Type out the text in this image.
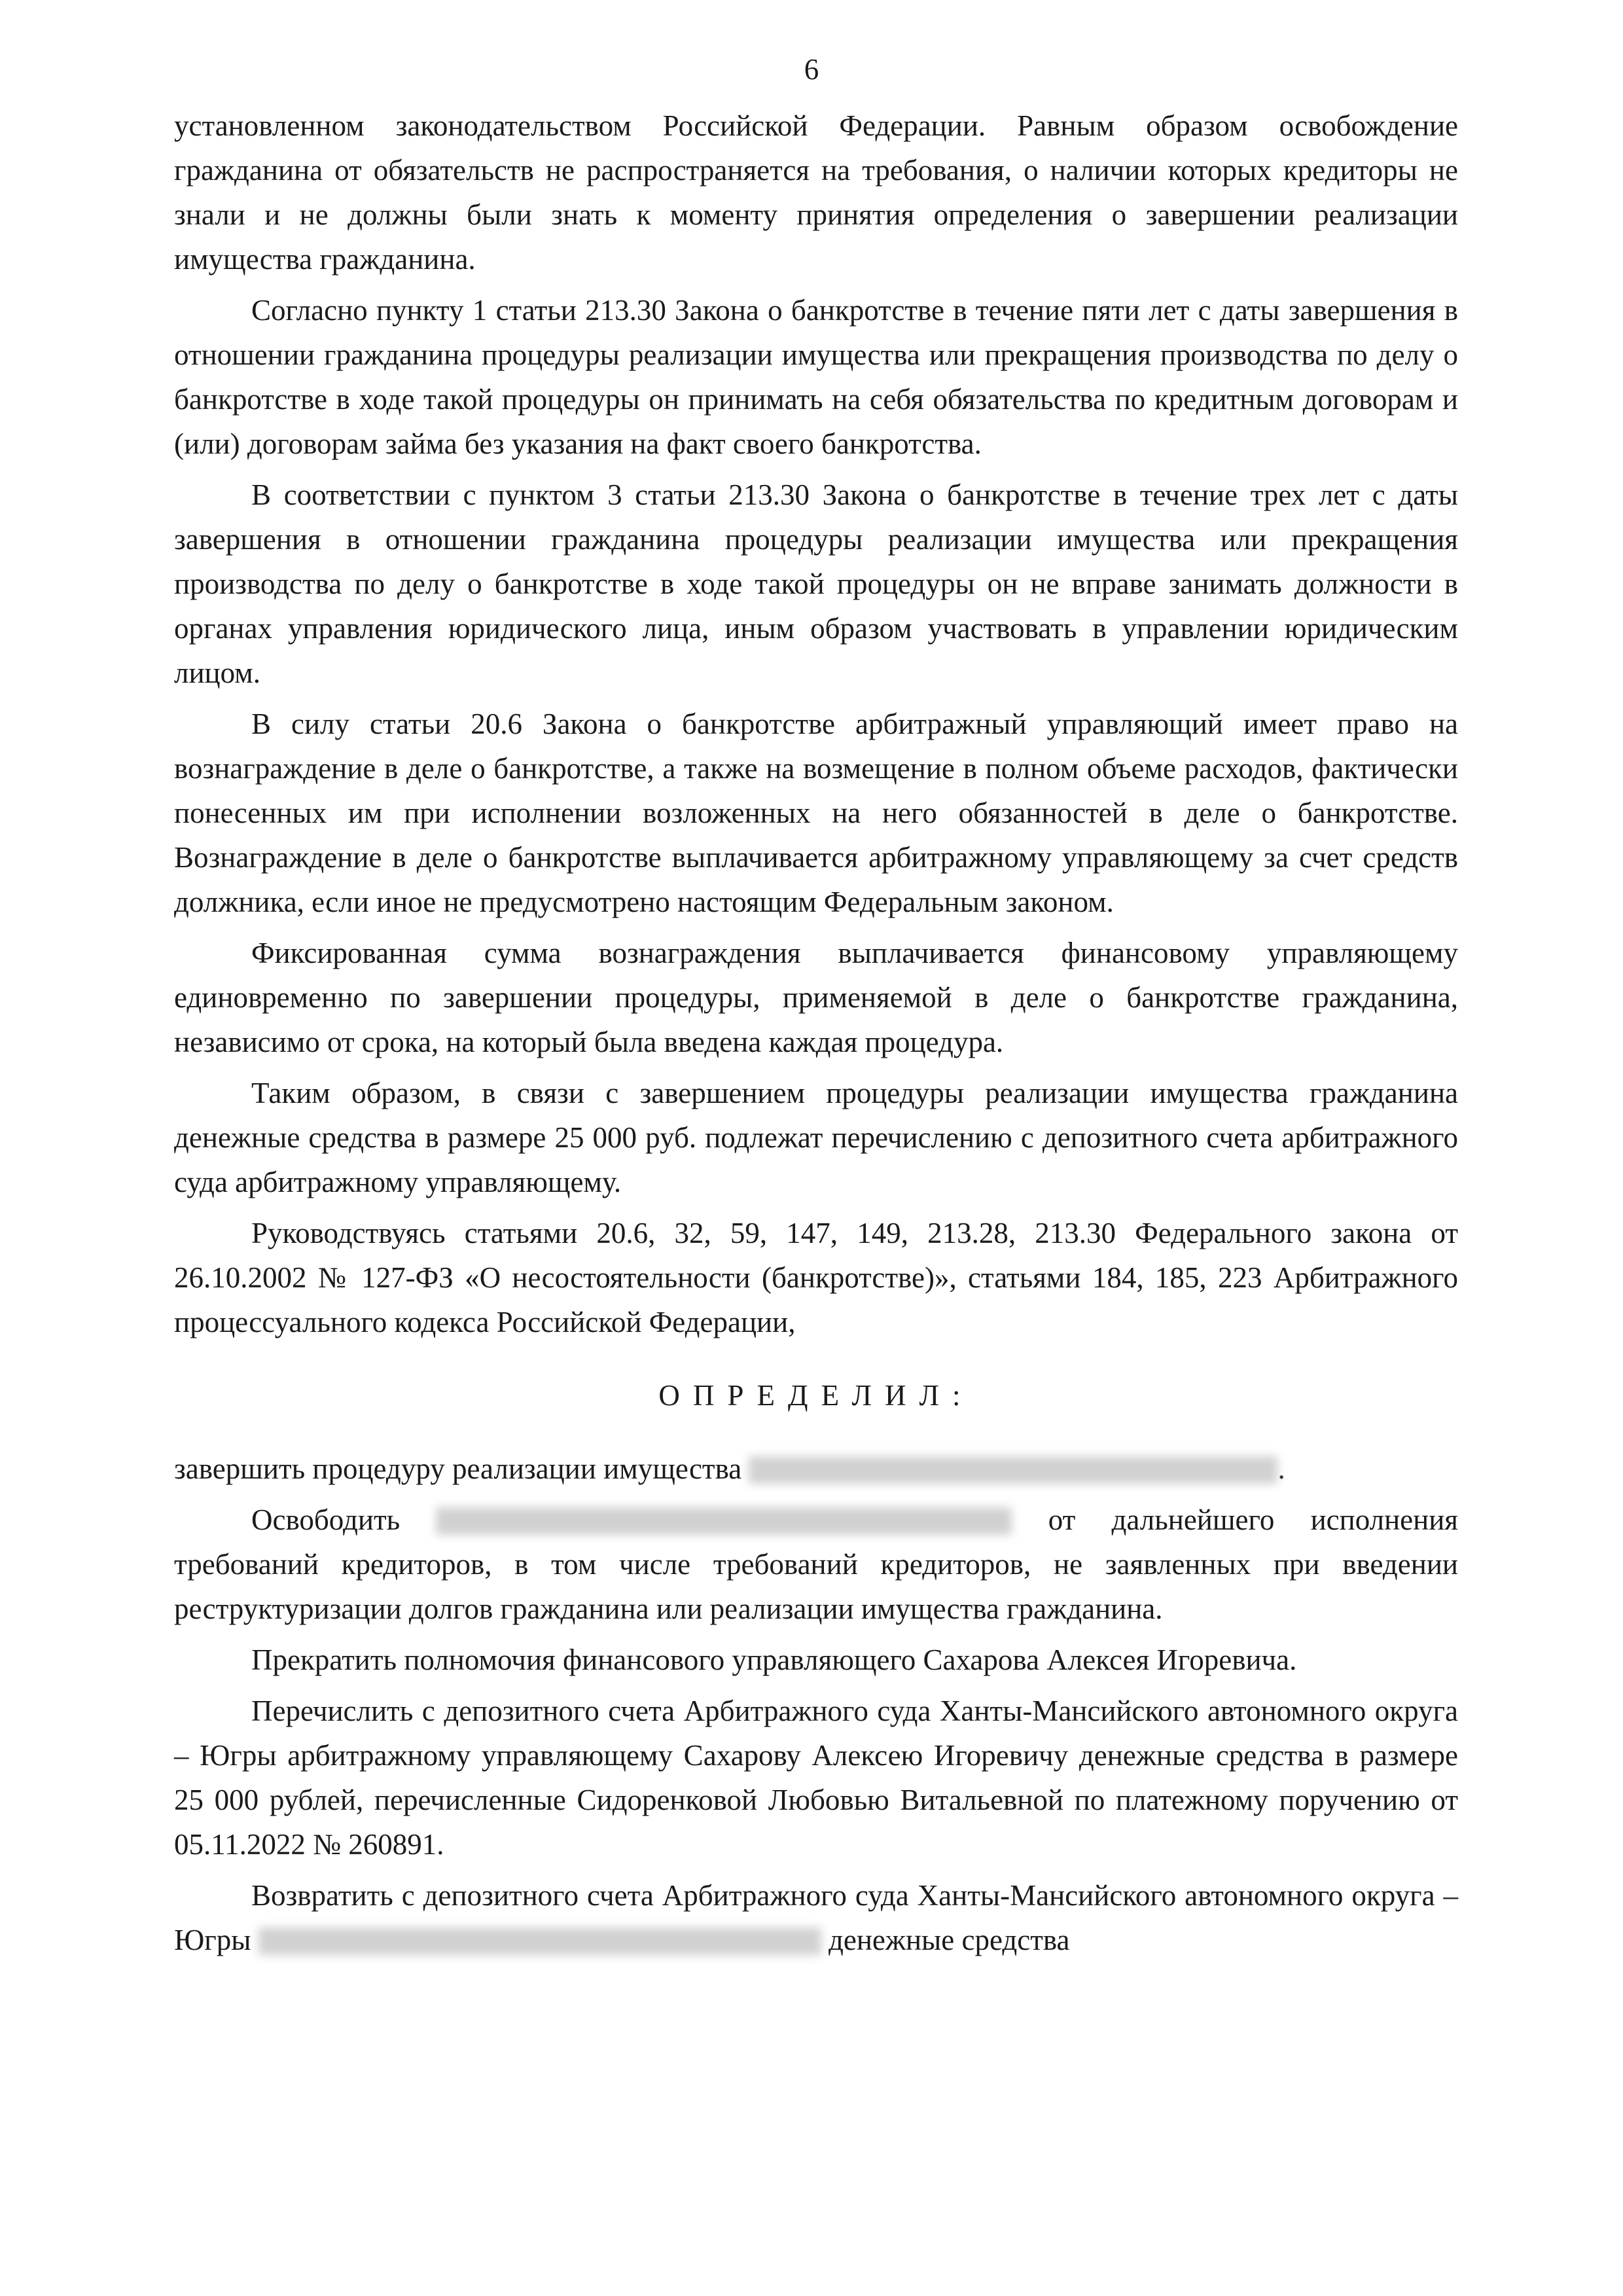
6

установленном законодательством Российской Федерации. Равным образом освобождение гражданина от обязательств не распространяется на требования, о наличии которых кредиторы не знали и не должны были знать к моменту принятия определения о завершении реализации имущества гражданина.

Согласно пункту 1 статьи 213.30 Закона о банкротстве в течение пяти лет с даты завершения в отношении гражданина процедуры реализации имущества или прекращения производства по делу о банкротстве в ходе такой процедуры он принимать на себя обязательства по кредитным договорам и (или) договорам займа без указания на факт своего банкротства.

В соответствии с пунктом 3 статьи 213.30 Закона о банкротстве в течение трех лет с даты завершения в отношении гражданина процедуры реализации имущества или прекращения производства по делу о банкротстве в ходе такой процедуры он не вправе занимать должности в органах управления юридического лица, иным образом участвовать в управлении юридическим лицом.

В силу статьи 20.6 Закона о банкротстве арбитражный управляющий имеет право на вознаграждение в деле о банкротстве, а также на возмещение в полном объеме расходов, фактически понесенных им при исполнении возложенных на него обязанностей в деле о банкротстве. Вознаграждение в деле о банкротстве выплачивается арбитражному управляющему за счет средств должника, если иное не предусмотрено настоящим Федеральным законом.

Фиксированная сумма вознаграждения выплачивается финансовому управляющему единовременно по завершении процедуры, применяемой в деле о банкротстве гражданина, независимо от срока, на который была введена каждая процедура.

Таким образом, в связи с завершением процедуры реализации имущества гражданина денежные средства в размере 25 000 руб. подлежат перечислению с депозитного счета арбитражного суда арбитражному управляющему.

Руководствуясь статьями 20.6, 32, 59, 147, 149, 213.28, 213.30 Федерального закона от 26.10.2002 № 127-ФЗ «О несостоятельности (банкротстве)», статьями 184, 185, 223 Арбитражного процессуального кодекса Российской Федерации,

ОПРЕДЕЛИЛ:

завершить процедуру реализации имущества	.

Освободить	от дальнейшего исполнения требований кредиторов, в том числе требований кредиторов, не заявленных при введении реструктуризации долгов гражданина или реализации имущества гражданина.

Прекратить полномочия финансового управляющего Сахарова Алексея Игоревича.

Перечислить с депозитного счета Арбитражного суда Ханты-Мансийского автономного округа – Югры арбитражному управляющему Сахарову Алексею Игоревичу денежные средства в размере 25 000 рублей, перечисленные Сидоренковой Любовью Витальевной по платежному поручению от 05.11.2022 № 260891.

Возвратить с депозитного счета Арбитражного суда Ханты-Мансийского автономного округа – Югры	денежные средства
